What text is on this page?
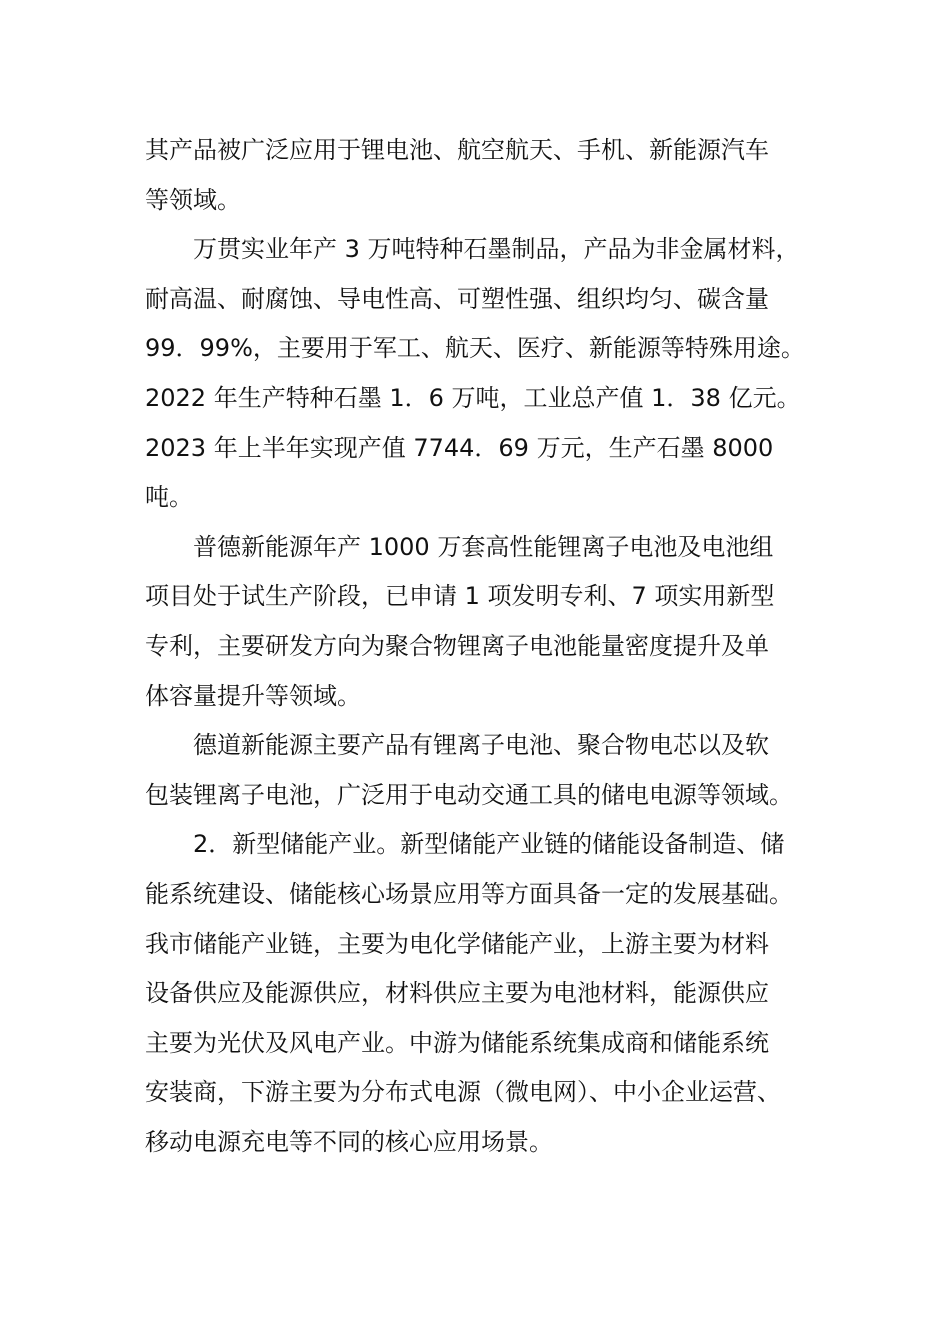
其产品被广泛应用于锂电池、航空航天、手机、新能源汽车
等领域。
万贯实业年产 3 万吨特种石墨制品，产品为非金属材料，
耐高温、耐腐蚀、导电性高、可塑性强、组织均匀、碳含量
99．99%，主要用于军工、航天、医疗、新能源等特殊用途。
2022 年生产特种石墨 1．6 万吨，工业总产值 1．38 亿元。
2023 年上半年实现产值 7744．69 万元，生产石墨 8000
吨。
普德新能源年产 1000 万套高性能锂离子电池及电池组
项目处于试生产阶段，已申请 1 项发明专利、7 项实用新型
专利，主要研发方向为聚合物锂离子电池能量密度提升及单
体容量提升等领域。
德道新能源主要产品有锂离子电池、聚合物电芯以及软
包装锂离子电池，广泛用于电动交通工具的储电电源等领域。
2．新型储能产业。新型储能产业链的储能设备制造、储
能系统建设、储能核心场景应用等方面具备一定的发展基础。
我市储能产业链，主要为电化学储能产业，上游主要为材料
设备供应及能源供应，材料供应主要为电池材料，能源供应
主要为光伏及风电产业。中游为储能系统集成商和储能系统
安装商，下游主要为分布式电源（微电网）、中小企业运营、
移动电源充电等不同的核心应用场景。
